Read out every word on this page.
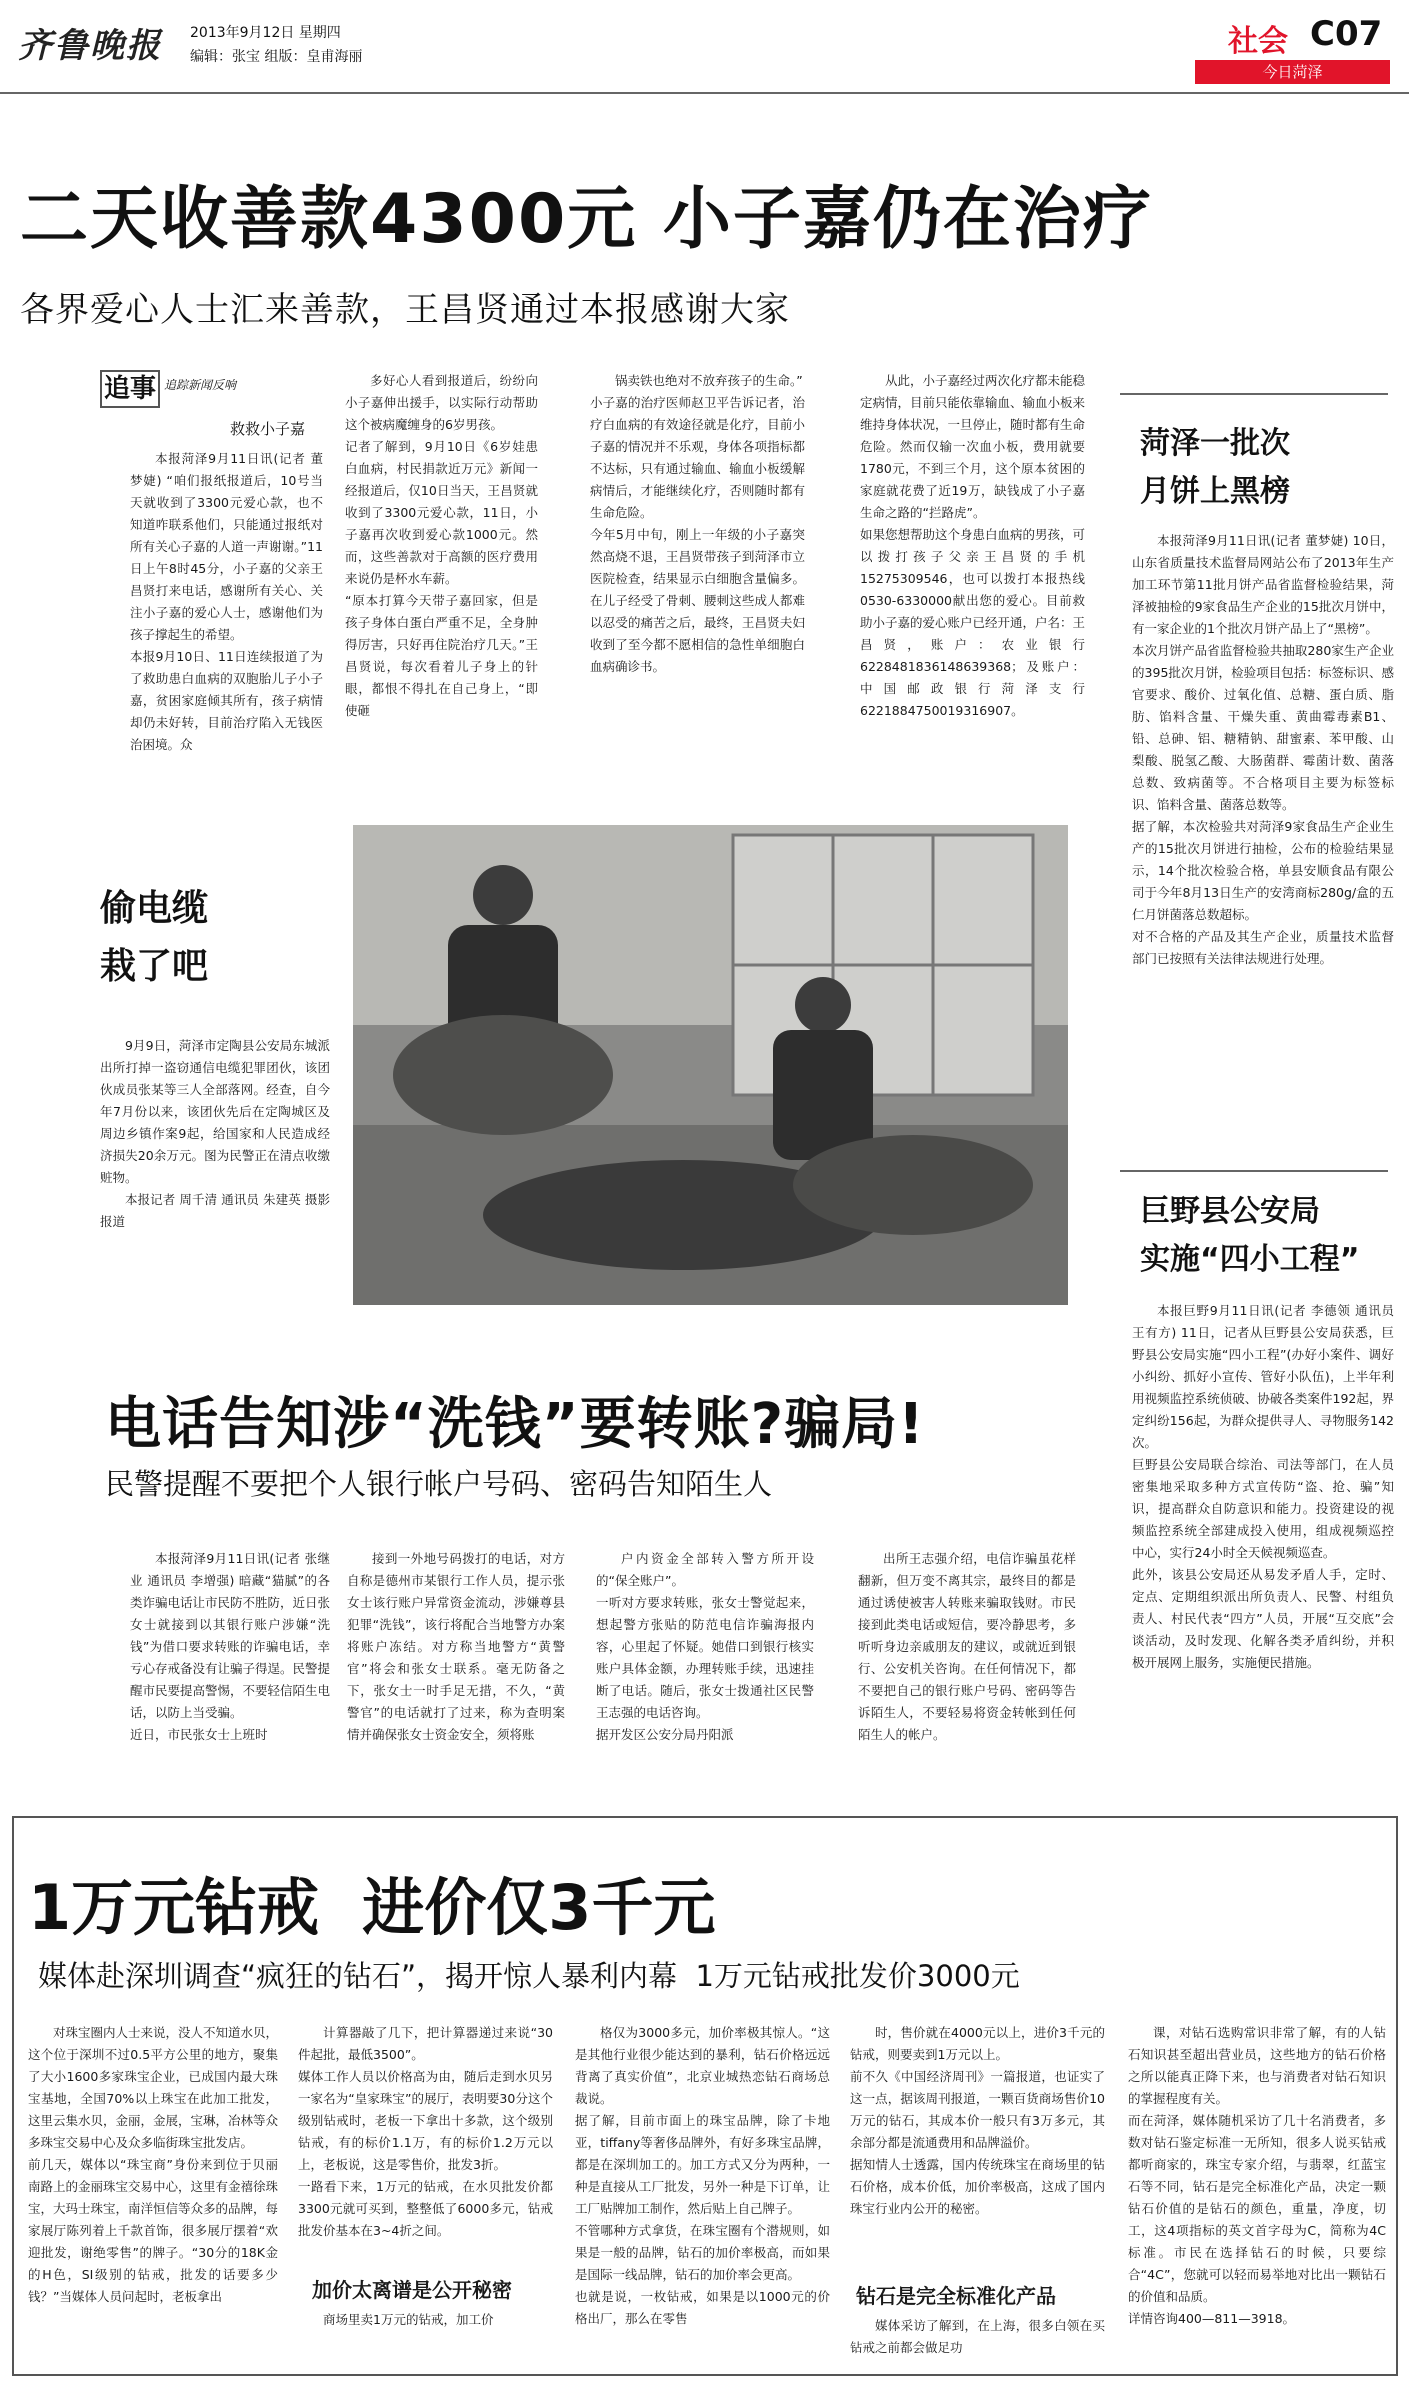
齐鲁晚报 2013年9月12日 星期四
编辑：张宝 组版：皇甫海丽	社会 C07
今日菏泽
二天收善款4300元 小子嘉仍在治疗
各界爱心人士汇来善款，王昌贤通过本报感谢大家
追事 追踪新闻反响
救救小子嘉

本报菏泽9月11日讯(记者 董梦婕) “咱们报纸报道后，10号当天就收到了3300元爱心款，也不知道咋联系他们，只能通过报纸对所有关心子嘉的人道一声谢谢。”11日上午8时45分，小子嘉的父亲王昌贤打来电话，感谢所有关心、关注小子嘉的爱心人士，感谢他们为孩子撑起生的希望。
本报9月10日、11日连续报道了为了救助患白血病的双胞胎儿子小子嘉，贫困家庭倾其所有，孩子病情却仍未好转，目前治疗陷入无钱医治困境。众

多好心人看到报道后，纷纷向小子嘉伸出援手，以实际行动帮助这个被病魔缠身的6岁男孩。
记者了解到，9月10日《6岁娃患白血病，村民捐款近万元》新闻一经报道后，仅10日当天，王昌贤就收到了3300元爱心款，11日，小子嘉再次收到爱心款1000元。然而，这些善款对于高额的医疗费用来说仍是杯水车薪。
“原本打算今天带子嘉回家，但是孩子身体白蛋白严重不足，全身肿得厉害，只好再住院治疗几天。”王昌贤说，每次看着儿子身上的针眼，都恨不得扎在自己身上，“即使砸

锅卖铁也绝对不放弃孩子的生命。”
小子嘉的治疗医师赵卫平告诉记者，治疗白血病的有效途径就是化疗，目前小子嘉的情况并不乐观，身体各项指标都不达标，只有通过输血、输血小板缓解病情后，才能继续化疗，否则随时都有生命危险。
今年5月中旬，刚上一年级的小子嘉突然高烧不退，王昌贤带孩子到菏泽市立医院检查，结果显示白细胞含量偏多。在儿子经受了骨刺、腰刺这些成人都难以忍受的痛苦之后，最终，王昌贤夫妇收到了至今都不愿相信的急性单细胞白血病确诊书。

从此，小子嘉经过两次化疗都未能稳定病情，目前只能依靠输血、输血小板来维持身体状况，一旦停止，随时都有生命危险。然而仅输一次血小板，费用就要1780元，不到三个月，这个原本贫困的家庭就花费了近19万，缺钱成了小子嘉生命之路的“拦路虎”。
如果您想帮助这个身患白血病的男孩，可以拨打孩子父亲王昌贤的手机15275309546，也可以拨打本报热线0530-6330000献出您的爱心。目前救助小子嘉的爱心账户已经开通，户名：王昌贤，账户：农业银行6228481836148639368；及账户：中国邮政银行菏泽支行6221884750019316907。

菏泽一批次
月饼上黑榜

本报菏泽9月11日讯(记者 董梦婕) 10日，山东省质量技术监督局网站公布了2013年生产加工环节第11批月饼产品省监督检验结果，菏泽被抽检的9家食品生产企业的15批次月饼中，有一家企业的1个批次月饼产品上了“黑榜”。
本次月饼产品省监督检验共抽取280家生产企业的395批次月饼，检验项目包括：标签标识、感官要求、酸价、过氧化值、总糖、蛋白质、脂肪、馅料含量、干燥失重、黄曲霉毒素B1、铅、总砷、铝、糖精钠、甜蜜素、苯甲酸、山梨酸、脱氢乙酸、大肠菌群、霉菌计数、菌落总数、致病菌等。不合格项目主要为标签标识、馅料含量、菌落总数等。
据了解，本次检验共对菏泽9家食品生产企业生产的15批次月饼进行抽检，公布的检验结果显示，14个批次检验合格，单县安顺食品有限公司于今年8月13日生产的安湾商标280g/盒的五仁月饼菌落总数超标。
对不合格的产品及其生产企业，质量技术监督部门已按照有关法律法规进行处理。

巨野县公安局
实施“四小工程”

本报巨野9月11日讯(记者 李德领 通讯员 王有方) 11日，记者从巨野县公安局获悉，巨野县公安局实施“四小工程”(办好小案件、调好小纠纷、抓好小宣传、管好小队伍)，上半年利用视频监控系统侦破、协破各类案件192起，界定纠纷156起，为群众提供寻人、寻物服务142次。
巨野县公安局联合综治、司法等部门，在人员密集地采取多种方式宣传防“盗、抢、骗”知识，提高群众自防意识和能力。投资建设的视频监控系统全部建成投入使用，组成视频巡控中心，实行24小时全天候视频巡查。
此外，该县公安局还从易发矛盾人手，定时、定点、定期组织派出所负责人、民警、村组负责人、村民代表“四方”人员，开展“互交底”会谈活动，及时发现、化解各类矛盾纠纷，并积极开展网上服务，实施便民措施。

偷电缆
栽了吧

9月9日，菏泽市定陶县公安局东城派出所打掉一盗窃通信电缆犯罪团伙，该团伙成员张某等三人全部落网。经查，自今年7月份以来，该团伙先后在定陶城区及周边乡镇作案9起，给国家和人民造成经济损失20余万元。图为民警正在清点收缴赃物。

本报记者 周千清 通讯员 朱建英 摄影报道

电话告知涉“洗钱”要转账?骗局!
民警提醒不要把个人银行帐户号码、密码告知陌生人

本报菏泽9月11日讯(记者 张继业 通讯员 李增强) 暗藏“猫腻”的各类诈骗电话让市民防不胜防，近日张女士就接到以其银行账户涉嫌“洗钱”为借口要求转账的诈骗电话，幸亏心存戒备没有让骗子得逞。民警提醒市民要提高警惕，不要轻信陌生电话，以防上当受骗。
近日，市民张女士上班时

接到一外地号码拨打的电话，对方自称是德州市某银行工作人员，提示张女士该行账户异常资金流动，涉嫌尊县犯罪“洗钱”，该行将配合当地警方办案将账户冻结。对方称当地警方“黄警官”将会和张女士联系。毫无防备之下，张女士一时手足无措，不久，“黄警官”的电话就打了过来，称为查明案情并确保张女士资金安全，须将账

户内资金全部转入警方所开设的“保全账户”。
一听对方要求转账，张女士警觉起来，想起警方张贴的防范电信诈骗海报内容，心里起了怀疑。她借口到银行核实账户具体金额，办理转账手续，迅速挂断了电话。随后，张女士拨通社区民警王志强的电话咨询。
据开发区公安分局丹阳派

出所王志强介绍，电信诈骗虽花样翻新，但万变不离其宗，最终目的都是通过诱使被害人转账来骗取钱财。市民接到此类电话或短信，要冷静思考，多听听身边亲戚朋友的建议，或就近到银行、公安机关咨询。在任何情况下，都不要把自己的银行账户号码、密码等告诉陌生人，不要轻易将资金转帐到任何陌生人的帐户。

1万元钻戒  进价仅3千元
媒体赴深圳调查“疯狂的钻石”，揭开惊人暴利内幕  1万元钻戒批发价3000元

对珠宝圈内人士来说，没人不知道水贝，这个位于深圳不过0.5平方公里的地方，聚集了大小1600多家珠宝企业，已成国内最大珠宝基地，全国70%以上珠宝在此加工批发，这里云集水贝，金丽，金展，宝琳，冶林等众多珠宝交易中心及众多临街珠宝批发店。
前几天，媒体以“珠宝商”身份来到位于贝丽南路上的金丽珠宝交易中心，这里有金禧徐珠宝，大玛士珠宝，南洋恒信等众多的品牌，每家展厅陈列着上千款首饰，很多展厅摆着“欢迎批发，谢绝零售”的牌子。“30分的18K金的H色，SI级别的钻戒，批发的话要多少钱？”当媒体人员问起时，老板拿出

计算器敲了几下，把计算器递过来说“30件起批，最低3500”。
媒体工作人员以价格高为由，随后走到水贝另一家名为“皇家珠宝”的展厅，表明要30分这个级别钻戒时，老板一下拿出十多款，这个级别钻戒，有的标价1.1万，有的标价1.2万元以上，老板说，这是零售价，批发3折。
一路看下来，1万元的钻戒，在水贝批发价都3300元就可买到，整整低了6000多元，钻戒批发价基本在3~4折之间。

加价太离谱是公开秘密

商场里卖1万元的钻戒，加工价

格仅为3000多元，加价率极其惊人。“这是其他行业很少能达到的暴利，钻石价格远远背离了真实价值”，北京业城热恋钻石商场总裁说。
据了解，目前市面上的珠宝品牌，除了卡地亚，tiffany等奢侈品牌外，有好多珠宝品牌，都是在深圳加工的。加工方式又分为两种，一种是直接从工厂批发，另外一种是下订单，让工厂贴牌加工制作，然后贴上自己牌子。
不管哪种方式拿货，在珠宝圈有个潜规则，如果是一般的品牌，钻石的加价率极高，而如果是国际一线品牌，钻石的加价率会更高。
也就是说，一枚钻戒，如果是以1000元的价格出厂，那么在零售

时，售价就在4000元以上，进价3千元的钻戒，则要卖到1万元以上。
前不久《中国经济周刊》一篇报道，也证实了这一点，据该周刊报道，一颗百货商场售价10万元的钻石，其成本价一般只有3万多元，其余部分都是流通费用和品牌溢价。
据知情人士透露，国内传统珠宝在商场里的钻石价格，成本价低，加价率极高，这成了国内珠宝行业内公开的秘密。

钻石是完全标准化产品

媒体采访了解到，在上海，很多白领在买钻戒之前都会做足功

课，对钻石选购常识非常了解，有的人钻石知识甚至超出营业员，这些地方的钻石价格之所以能真正降下来，也与消费者对钻石知识的掌握程度有关。
而在菏泽，媒体随机采访了几十名消费者，多数对钻石鉴定标准一无所知，很多人说买钻戒都听商家的，珠宝专家介绍，与翡翠，红蓝宝石等不同，钻石是完全标准化产品，决定一颗钻石价值的是钻石的颜色，重量，净度，切工，这4项指标的英文首字母为C，简称为4C标准。市民在选择钻石的时候，只要综合“4C”，您就可以轻而易举地对比出一颗钻石的价值和品质。
详情咨询400—811—3918。
